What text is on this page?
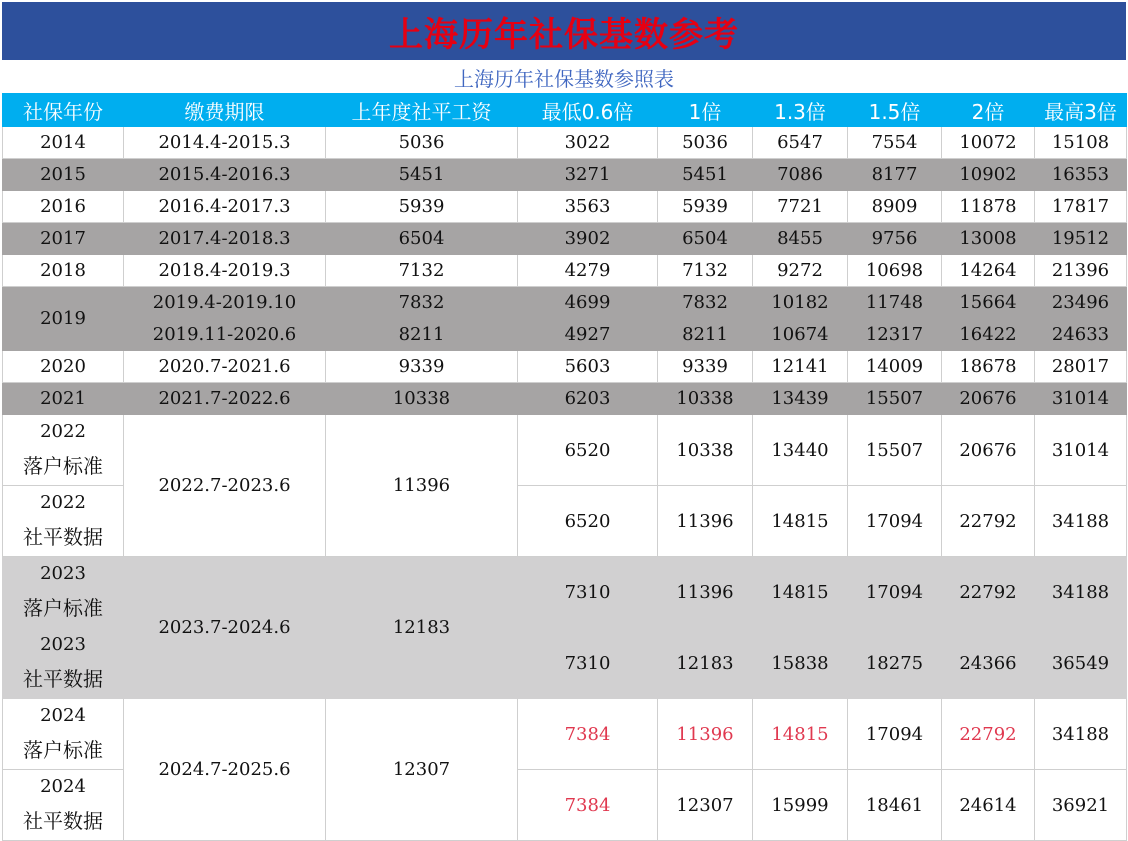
上海历年社保基数参考
上海历年社保基数参照表
社保年份	缴费期限	上年度社平工资	最低0.6倍	1倍	1.3倍	1.5倍	2倍	最高3倍
2014	2014.4-2015.3	5036	3022	5036	6547	7554	10072	15108
2015	2015.4-2016.3	5451	3271	5451	7086	8177	10902	16353
2016	2016.4-2017.3	5939	3563	5939	7721	8909	11878	17817
2017	2017.4-2018.3	6504	3902	6504	8455	9756	13008	19512
2018	2018.4-2019.3	7132	4279	7132	9272	10698	14264	21396
2019	2019.4-2019.10	7832	4699	7832	10182	11748	15664	23496
	2019.11-2020.6	8211	4927	8211	10674	12317	16422	24633
2020	2020.7-2021.6	9339	5603	9339	12141	14009	18678	28017
2021	2021.7-2022.6	10338	6203	10338	13439	15507	20676	31014
2022
落户标准	2022.7-2023.6	11396	6520	10338	13440	15507	20676	31014
2022
社平数据			6520	11396	14815	17094	22792	34188
2023
落户标准	2023.7-2024.6	12183	7310	11396	14815	17094	22792	34188
2023
社平数据			7310	12183	15838	18275	24366	36549
2024
落户标准	2024.7-2025.6	12307	7384	11396	14815	17094	22792	34188
2024
社平数据			7384	12307	15999	18461	24614	36921
